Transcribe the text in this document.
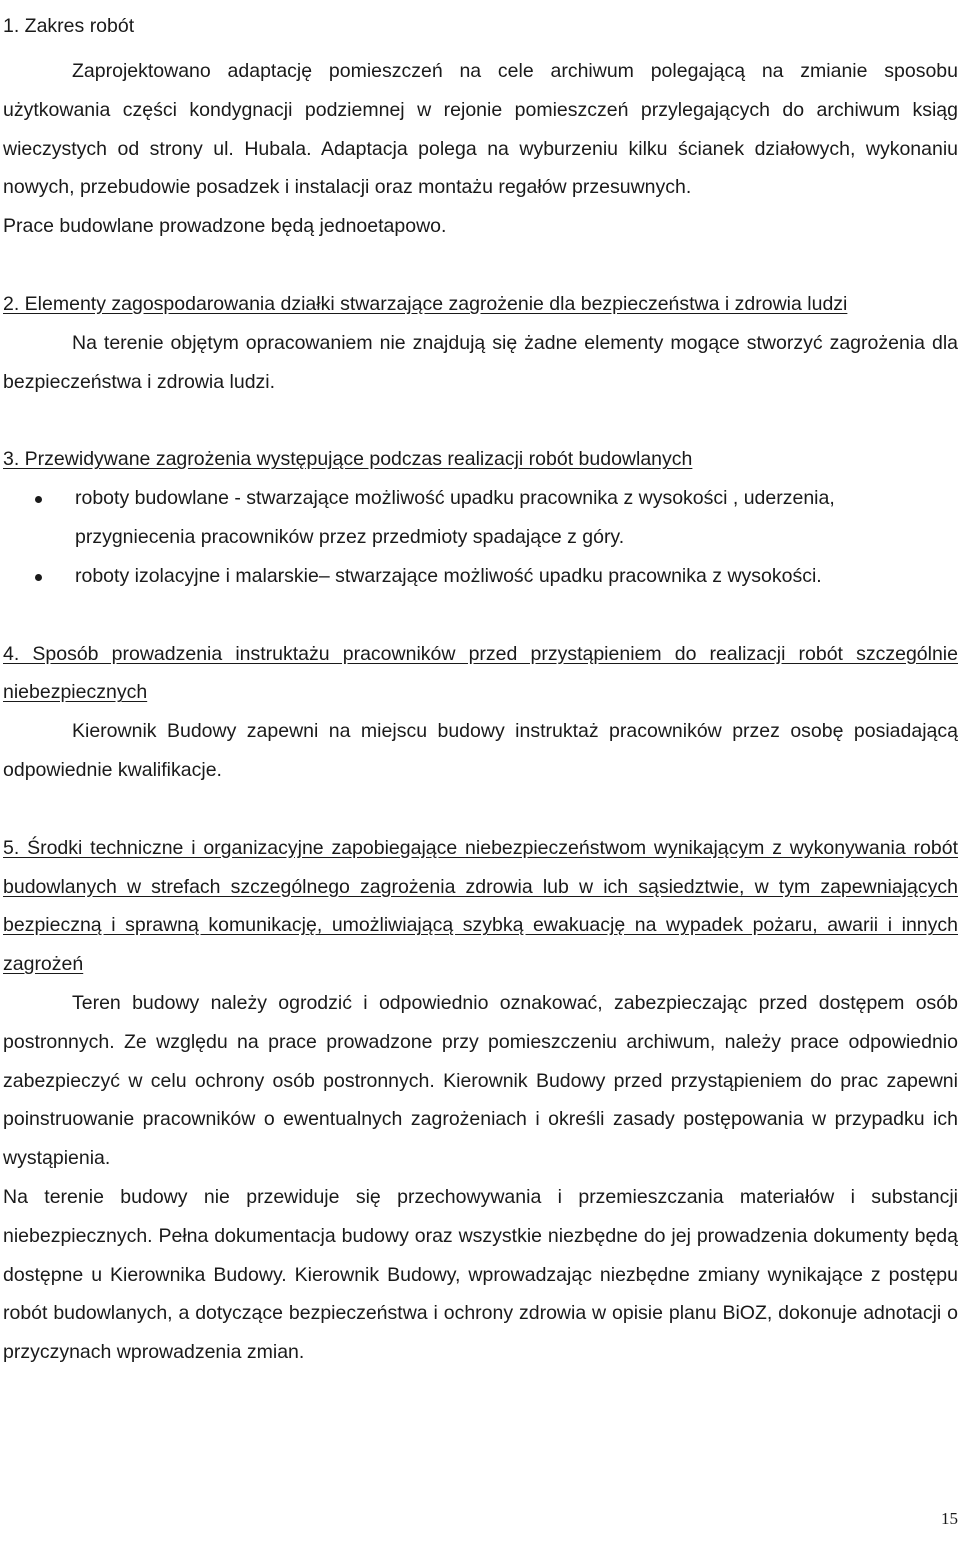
1. Zakres robót

Zaprojektowano adaptację pomieszczeń na cele archiwum polegającą na zmianie sposobu użytkowania części kondygnacji podziemnej w rejonie pomieszczeń przylegających do archiwum ksiąg wieczystych od strony ul. Hubala. Adaptacja polega na wyburzeniu kilku ścianek działowych, wykonaniu nowych, przebudowie posadzek i instalacji oraz montażu regałów przesuwnych.

Prace budowlane prowadzone będą jednoetapowo.

2. Elementy zagospodarowania działki stwarzające zagrożenie dla bezpieczeństwa i zdrowia ludzi

Na terenie objętym opracowaniem nie znajdują się żadne elementy mogące stworzyć zagrożenia dla bezpieczeństwa i zdrowia ludzi.

3. Przewidywane zagrożenia występujące podczas realizacji robót budowlanych

roboty budowlane - stwarzające możliwość upadku pracownika z wysokości , uderzenia, przygniecenia pracowników przez przedmioty spadające z góry.
roboty izolacyjne i malarskie– stwarzające możliwość upadku pracownika z wysokości.

4. Sposób prowadzenia instruktażu pracowników przed przystąpieniem do realizacji robót szczególnie niebezpiecznych

Kierownik Budowy zapewni na miejscu budowy instruktaż pracowników przez osobę posiadającą odpowiednie kwalifikacje.

5. Środki techniczne i organizacyjne zapobiegające niebezpieczeństwom wynikającym z wykonywania robót budowlanych w strefach szczególnego zagrożenia zdrowia lub w ich sąsiedztwie, w tym zapewniających bezpieczną i sprawną komunikację, umożliwiającą szybką ewakuację na wypadek pożaru, awarii i innych zagrożeń

Teren budowy należy ogrodzić i odpowiednio oznakować, zabezpieczając przed dostępem osób postronnych. Ze względu na prace prowadzone przy pomieszczeniu archiwum, należy prace odpowiednio zabezpieczyć w celu ochrony osób postronnych. Kierownik Budowy przed przystąpieniem do prac zapewni poinstruowanie pracowników o ewentualnych zagrożeniach i określi zasady postępowania w przypadku ich wystąpienia.

Na terenie budowy nie przewiduje się przechowywania i przemieszczania materiałów i substancji niebezpiecznych. Pełna dokumentacja budowy oraz wszystkie niezbędne do jej prowadzenia dokumenty będą dostępne u Kierownika Budowy. Kierownik Budowy, wprowadzając niezbędne zmiany wynikające z postępu robót budowlanych, a dotyczące bezpieczeństwa i ochrony zdrowia w opisie planu BiOZ, dokonuje adnotacji o przyczynach wprowadzenia zmian.

15
